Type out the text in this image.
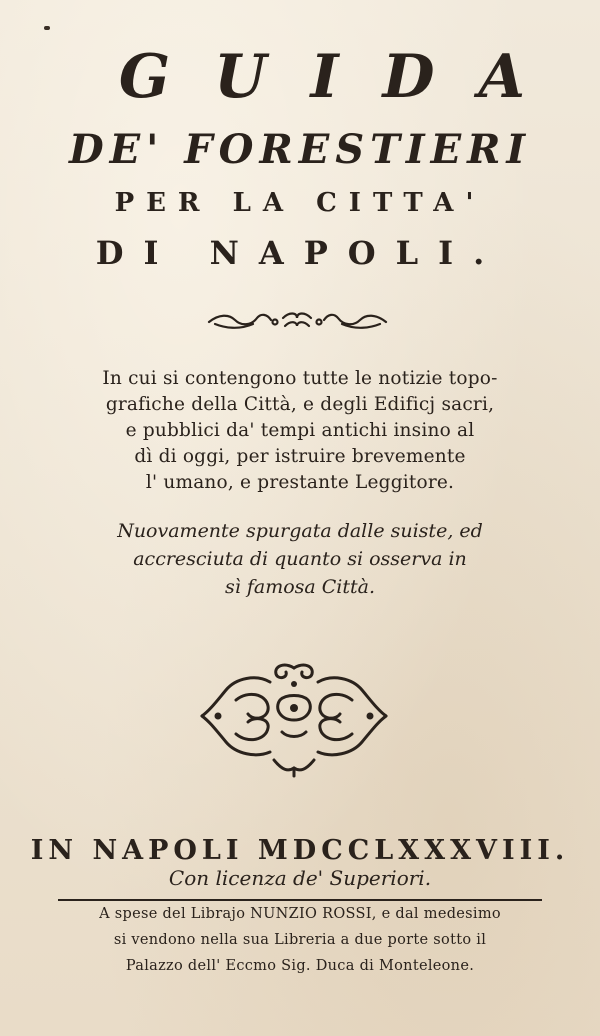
GUIDA
DE' FORESTIERI
PER LA CITTA'
DI NAPOLI.
In cui si contengono tutte le notizie topo-
grafiche della Città, e degli Edificj sacri,
e pubblici da' tempi antichi insino al
dì di oggi, per istruire brevemente
l' umano, e prestante Leggitore.
Nuovamente spurgata dalle suiste, ed
accresciuta di quanto si osserva in
sì famosa Città.
IN NAPOLI MDCCLXXXVIII.
Con licenza de' Superiori.
A spese del Librajo NUNZIO ROSSI, e dal medesimo
si vendono nella sua Libreria a due porte sotto il
Palazzo dell' Eccmo Sig. Duca di Monteleone.
